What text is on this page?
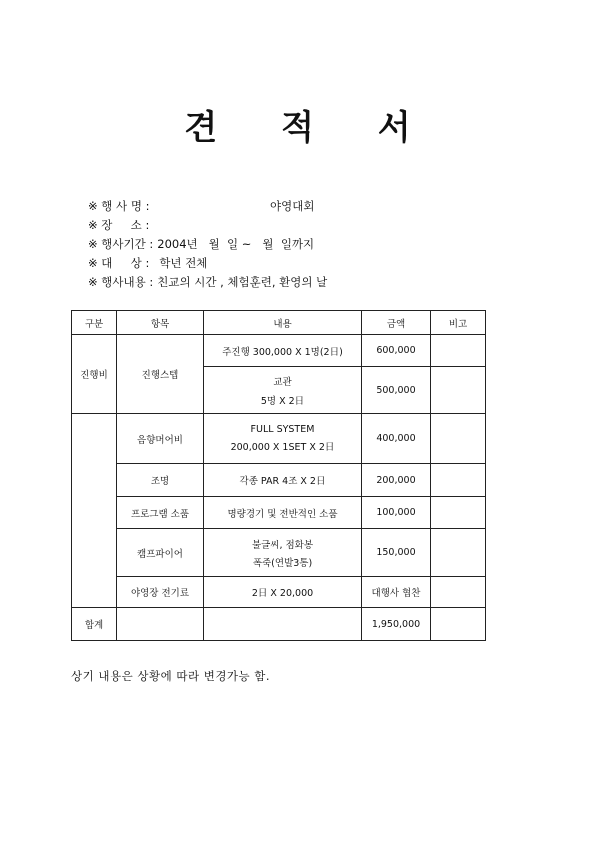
견 적 서
※ 행 사 명 :	야영대회
※ 장     소 :
※ 행사기간 : 2004년   월  일 ~   월  일까지
※ 대     상 : 학년 전체
※ 행사내용 : 친교의 시간 , 체험훈련, 환영의 날
구분	항목	내용	금액	비고
진행비	진행스텝	주진행 300,000 X 1명(2日)	600,000	

		교관
5명 X 2日	500,000	
	음향머어비	FULL SYSTEM
200,000 X 1SET X 2日	400,000	
	조명	각종 PAR 4조 X 2日	200,000	
	프로그램 소품	명량경기 및 전반적인 소품	100,000	
	캠프파이어	불글씨, 점화봉
폭죽(연발3통)	150,000	
	야영장 전기료	2日 X 20,000	대행사 협찬	
합계			1,950,000	
상기 내용은 상황에 따라 변경가능 함.
